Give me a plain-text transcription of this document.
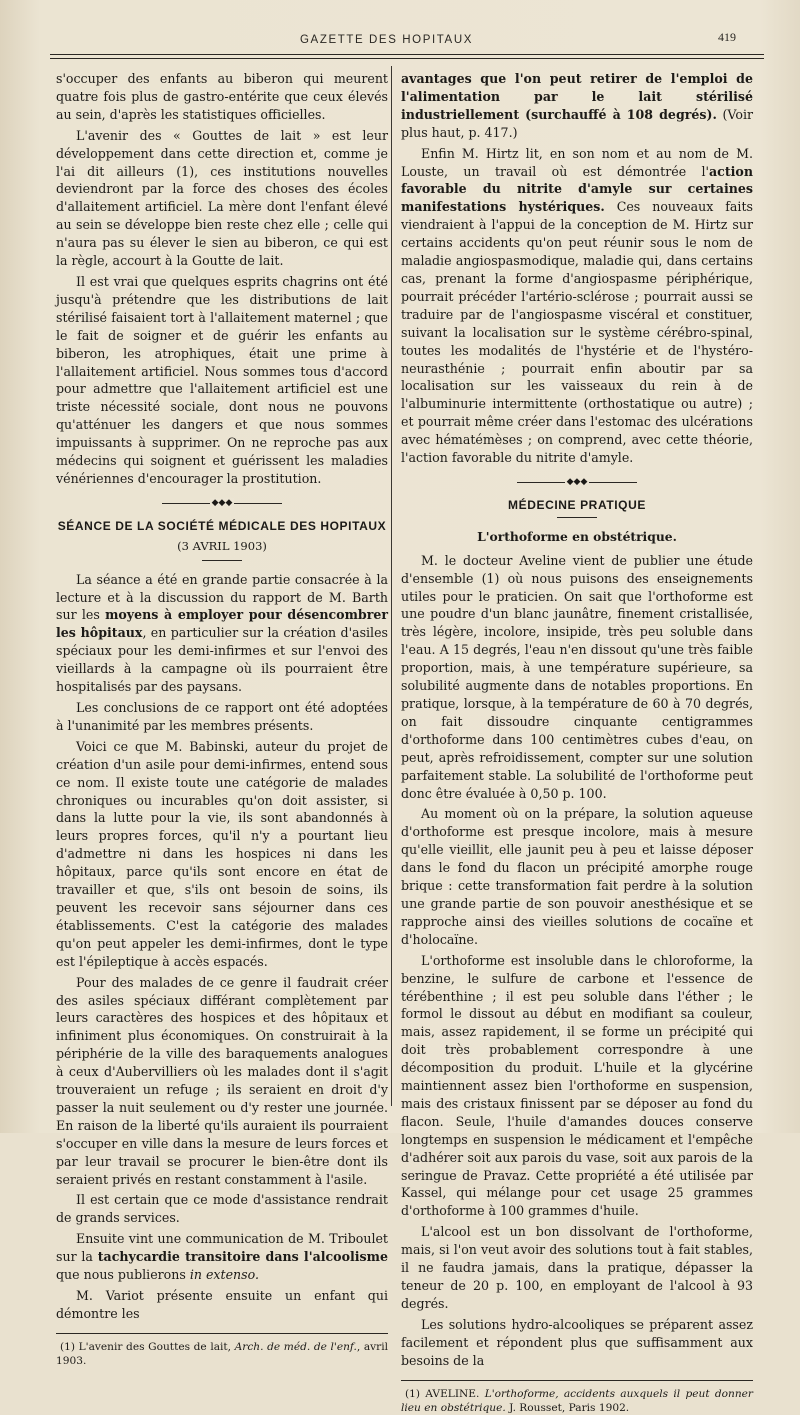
GAZETTE DES HOPITAUX	419

s'occuper des enfants au biberon qui meurent quatre fois plus de gastro-entérite que ceux élevés au sein, d'après les statistiques officielles.

L'avenir des « Gouttes de lait » est leur développement dans cette direction et, comme je l'ai dit ailleurs (1), ces institutions nouvelles deviendront par la force des choses des écoles d'allaitement artificiel. La mère dont l'enfant élevé au sein se développe bien reste chez elle ; celle qui n'aura pas su élever le sien au biberon, ce qui est la règle, accourt à la Goutte de lait.

Il est vrai que quelques esprits chagrins ont été jusqu'à prétendre que les distributions de lait stérilisé faisaient tort à l'allaitement maternel ; que le fait de soigner et de guérir les enfants au biberon, les atrophiques, était une prime à l'allaitement artificiel. Nous sommes tous d'accord pour admettre que l'allaitement artificiel est une triste nécessité sociale, dont nous ne pouvons qu'atténuer les dangers et que nous sommes impuissants à supprimer. On ne reproche pas aux médecins qui soignent et guérissent les maladies vénériennes d'encourager la prostitution.

◆◆◆
SÉANCE DE LA SOCIÉTÉ MÉDICALE DES HOPITAUX
(3 AVRIL 1903)

La séance a été en grande partie consacrée à la lecture et à la discussion du rapport de M. Barth sur les moyens à employer pour désencombrer les hôpitaux, en particulier sur la création d'asiles spéciaux pour les demi-infirmes et sur l'envoi des vieillards à la campagne où ils pourraient être hospitalisés par des paysans.

Les conclusions de ce rapport ont été adoptées à l'unanimité par les membres présents.

Voici ce que M. Babinski, auteur du projet de création d'un asile pour demi-infirmes, entend sous ce nom. Il existe toute une catégorie de malades chroniques ou incurables qu'on doit assister, si dans la lutte pour la vie, ils sont abandonnés à leurs propres forces, qu'il n'y a pourtant lieu d'admettre ni dans les hospices ni dans les hôpitaux, parce qu'ils sont encore en état de travailler et que, s'ils ont besoin de soins, ils peuvent les recevoir sans séjourner dans ces établissements. C'est la catégorie des malades qu'on peut appeler les demi-infirmes, dont le type est l'épileptique à accès espacés.

Pour des malades de ce genre il faudrait créer des asiles spéciaux différant complètement par leurs caractères des hospices et des hôpitaux et infiniment plus économiques. On construirait à la périphérie de la ville des baraquements analogues à ceux d'Aubervilliers où les malades dont il s'agit trouveraient un refuge ; ils seraient en droit d'y passer la nuit seulement ou d'y rester une journée. En raison de la liberté qu'ils auraient ils pourraient s'occuper en ville dans la mesure de leurs forces et par leur travail se procurer le bien-être dont ils seraient privés en restant constamment à l'asile.

Il est certain que ce mode d'assistance rendrait de grands services.

Ensuite vint une communication de M. Triboulet sur la tachycardie transitoire dans l'alcoolisme que nous publierons in extenso.

M. Variot présente ensuite un enfant qui démontre les

(1) L'avenir des Gouttes de lait, Arch. de méd. de l'enf., avril 1903.

avantages que l'on peut retirer de l'emploi de l'alimentation par le lait stérilisé industriellement (surchauffé à 108 degrés). (Voir plus haut, p. 417.)

Enfin M. Hirtz lit, en son nom et au nom de M. Louste, un travail où est démontrée l'action favorable du nitrite d'amyle sur certaines manifestations hystériques. Ces nouveaux faits viendraient à l'appui de la conception de M. Hirtz sur certains accidents qu'on peut réunir sous le nom de maladie angiospasmodique, maladie qui, dans certains cas, prenant la forme d'angiospasme périphérique, pourrait précéder l'artério-sclérose ; pourrait aussi se traduire par de l'angiospasme viscéral et constituer, suivant la localisation sur le système cérébro-spinal, toutes les modalités de l'hystérie et de l'hystéro-neurasthénie ; pourrait enfin aboutir par sa localisation sur les vaisseaux du rein à de l'albuminurie intermittente (orthostatique ou autre) ; et pourrait même créer dans l'estomac des ulcérations avec hématémèses ; on comprend, avec cette théorie, l'action favorable du nitrite d'amyle.

◆◆◆
MÉDECINE PRATIQUE
L'orthoforme en obstétrique.

M. le docteur Aveline vient de publier une étude d'ensemble (1) où nous puisons des enseignements utiles pour le praticien. On sait que l'orthoforme est une poudre d'un blanc jaunâtre, finement cristallisée, très légère, incolore, insipide, très peu soluble dans l'eau. A 15 degrés, l'eau n'en dissout qu'une très faible proportion, mais, à une température supérieure, sa solubilité augmente dans de notables proportions. En pratique, lorsque, à la température de 60 à 70 degrés, on fait dissoudre cinquante centigrammes d'orthoforme dans 100 centimètres cubes d'eau, on peut, après refroidissement, compter sur une solution parfaitement stable. La solubilité de l'orthoforme peut donc être évaluée à 0,50 p. 100.

Au moment où on la prépare, la solution aqueuse d'orthoforme est presque incolore, mais à mesure qu'elle vieillit, elle jaunit peu à peu et laisse déposer dans le fond du flacon un précipité amorphe rouge brique : cette transformation fait perdre à la solution une grande partie de son pouvoir anesthésique et se rapproche ainsi des vieilles solutions de cocaïne et d'holocaïne.

L'orthoforme est insoluble dans le chloroforme, la benzine, le sulfure de carbone et l'essence de térébenthine ; il est peu soluble dans l'éther ; le formol le dissout au début en modifiant sa couleur, mais, assez rapidement, il se forme un précipité qui doit très probablement correspondre à une décomposition du produit. L'huile et la glycérine maintiennent assez bien l'orthoforme en suspension, mais des cristaux finissent par se déposer au fond du flacon. Seule, l'huile d'amandes douces conserve longtemps en suspension le médicament et l'empêche d'adhérer soit aux parois du vase, soit aux parois de la seringue de Pravaz. Cette propriété a été utilisée par Kassel, qui mélange pour cet usage 25 grammes d'orthoforme à 100 grammes d'huile.

L'alcool est un bon dissolvant de l'orthoforme, mais, si l'on veut avoir des solutions tout à fait stables, il ne faudra jamais, dans la pratique, dépasser la teneur de 20 p. 100, en employant de l'alcool à 93 degrés.

Les solutions hydro-alcooliques se préparent assez facilement et répondent plus que suffisamment aux besoins de la

(1) AVELINE. L'orthoforme, accidents auxquels il peut donner lieu en obstétrique. J. Rousset, Paris 1902.
